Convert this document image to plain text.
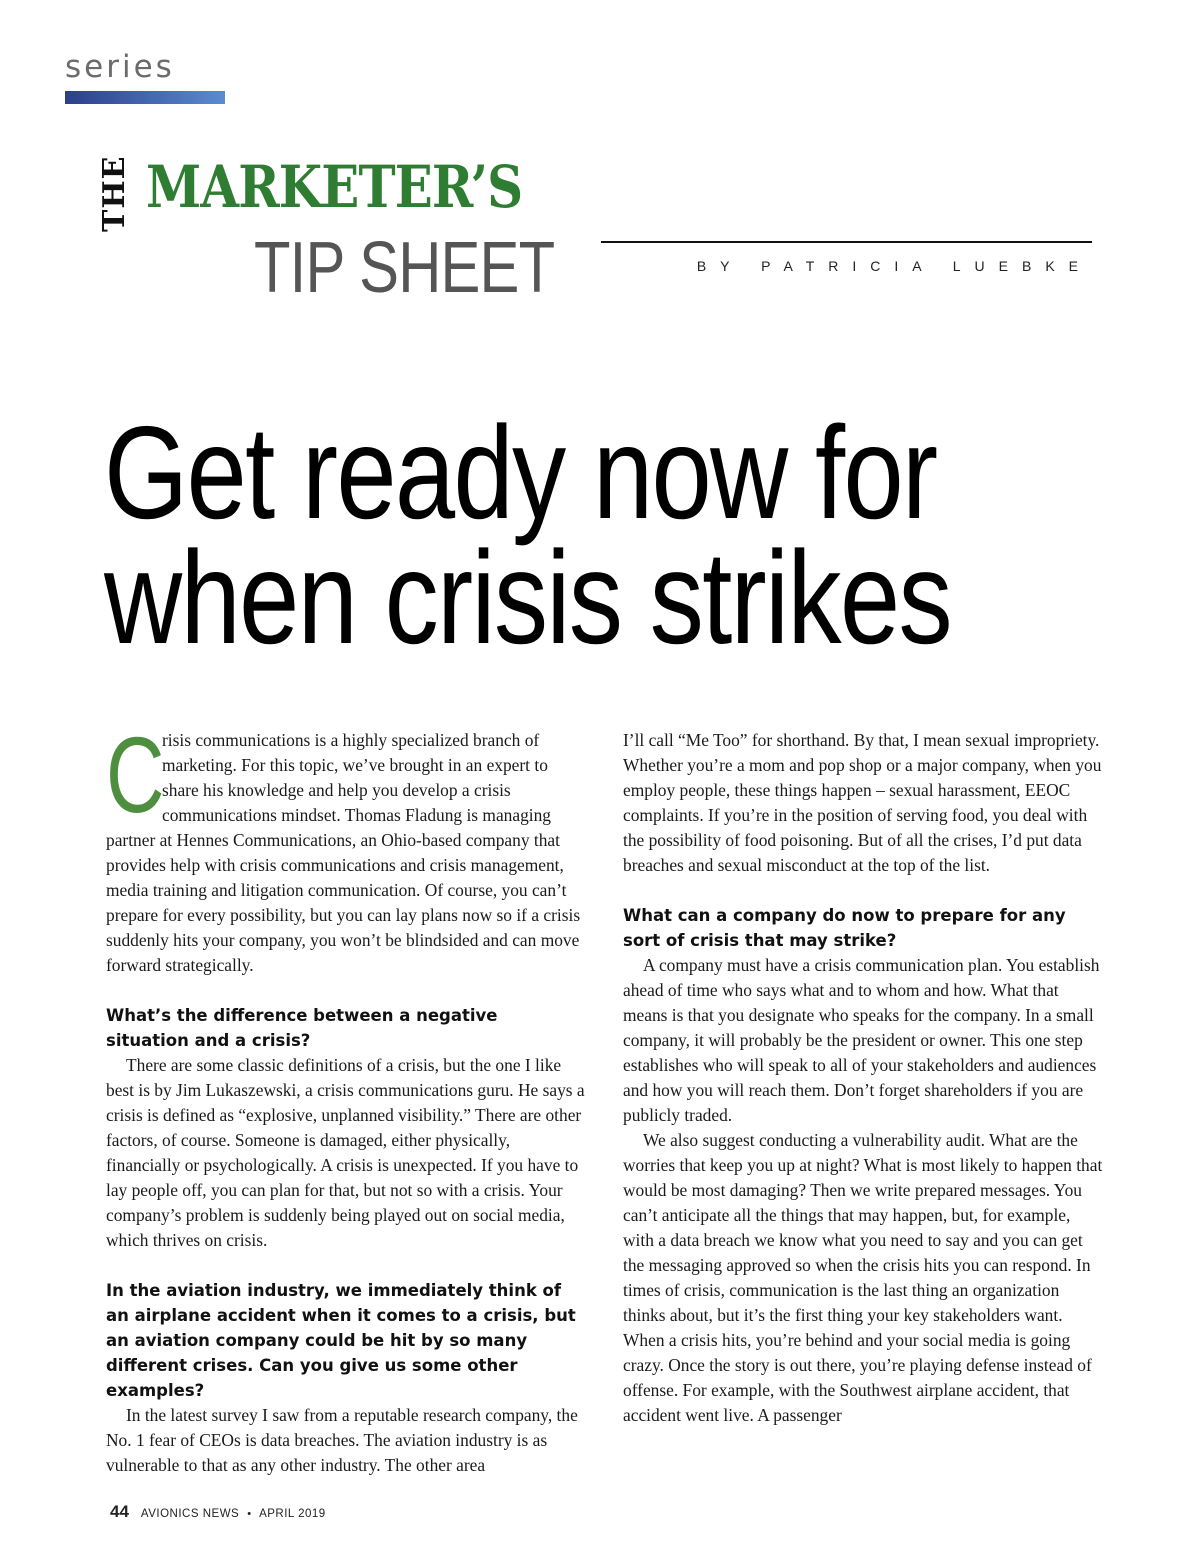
series
THE MARKETER’S
TIP SHEET	BY PATRICIA LUEBKE
Get ready now for when crisis strikes

C
risis communications is a highly specialized branch of marketing. For this topic, we’ve brought in an expert to share his knowledge and help you develop a crisis communications mindset. Thomas Fladung is managing partner at Hennes Communications, an Ohio-based company that provides help with crisis communications and crisis management, media training and litigation communication. Of course, you can’t prepare for every possibility, but you can lay plans now so if a crisis suddenly hits your company, you won’t be blindsided and can move forward strategically.

What’s the difference between a negative situation and a crisis?

There are some classic definitions of a crisis, but the one I like best is by Jim Lukaszewski, a crisis communications guru. He says a crisis is defined as “explosive, unplanned visibility.” There are other factors, of course. Someone is damaged, either physically, financially or psychologically. A crisis is unexpected. If you have to lay people off, you can plan for that, but not so with a crisis. Your company’s problem is suddenly being played out on social media, which thrives on crisis.

In the aviation industry, we immediately think of an airplane accident when it comes to a crisis, but an aviation company could be hit by so many different crises. Can you give us some other examples?

In the latest survey I saw from a reputable research company, the No. 1 fear of CEOs is data breaches. The aviation industry is as vulnerable to that as any other industry. The other area

I’ll call “Me Too” for shorthand. By that, I mean sexual impropriety. Whether you’re a mom and pop shop or a major company, when you employ people, these things happen – sexual harassment, EEOC complaints. If you’re in the position of serving food, you deal with the possibility of food poisoning. But of all the crises, I’d put data breaches and sexual misconduct at the top of the list.

What can a company do now to prepare for any sort of crisis that may strike?

A company must have a crisis communication plan. You establish ahead of time who says what and to whom and how. What that means is that you designate who speaks for the company. In a small company, it will probably be the president or owner. This one step establishes who will speak to all of your stakeholders and audiences and how you will reach them. Don’t forget shareholders if you are publicly traded.

We also suggest conducting a vulnerability audit. What are the worries that keep you up at night? What is most likely to happen that would be most damaging? Then we write prepared messages. You can’t anticipate all the things that may happen, but, for example, with a data breach we know what you need to say and you can get the messaging approved so when the crisis hits you can respond. In times of crisis, communication is the last thing an organization thinks about, but it’s the first thing your key stakeholders want. When a crisis hits, you’re behind and your social media is going crazy. Once the story is out there, you’re playing defense instead of offense. For example, with the Southwest airplane accident, that accident went live. A passenger

44 AVIONICS NEWS • APRIL 2019
